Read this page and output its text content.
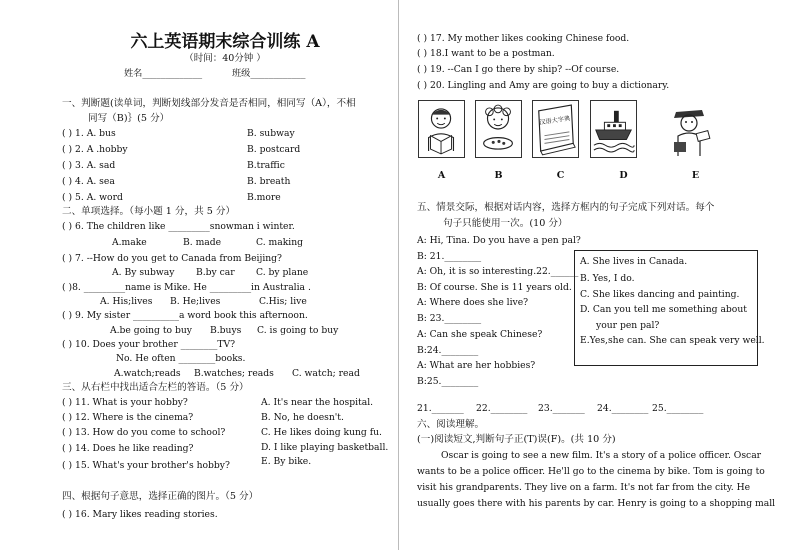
六上英语期末综合训练 A
（时间：40分钟 ）
姓名_____________	班级____________
一、判断题(读单词，判断划线部分发音是否相同，相同写（A），不相
同写（B)｝(5 分）
( ) 1. A. bus	B. subway
( ) 2. A .hobby	B. postcard
( ) 3. A. sad	B.traffic
( ) 4. A. sea	B. breath
( ) 5. A. word	B.more
二、单项选择。（每小题 1 分，共 5 分）
( ) 6. The children like _________snowman i winter.
A.make	B. made	C. making
( ) 7. --How do you get to Canada from Beijing?
A. By subway B.by car C. by plane
( )8. _________name is Mike. He _________in Australia .
A. His;lives B. He;lives	C.His; live
( ) 9. My sister __________a word book this afternoon.
A.be going to buy B.buys C. is going to buy
( ) 10. Does your brother ________TV?
No. He often ________books.
A.watch;reads B.watches; reads C. watch; read
三、从右栏中找出适合左栏的答语。（5 分）
( ) 11. What is your hobby?
( ) 12. Where is the cinema?
( ) 13. How do you come to school?
( ) 14. Does he like reading?
( ) 15. What's your brother's hobby?
A. It's near the hospital.
B. No, he doesn't.
C. He likes doing kung fu.
D. I like playing basketball.
E. By bike.
四、根据句子意思，选择正确的图片。（5 分）
( ) 16. Mary likes reading stories.
( ) 17. My mother likes cooking Chinese food.
( ) 18.I want to be a postman.
( ) 19. --Can I go there by ship? --Of course.
( ) 20. Lingling and Amy are going to buy a dictionary.
汉语大字典
A	B	C	D	E
五、情景交际，根据对话内容，选择方框内的句子完成下列对话。每个
句子只能使用一次。(10 分）
A: Hi, Tina. Do you have a pen pal?
B: 21.________
A: Oh, it is so interesting.22.______
B: Of course. She is 11 years old.
A: Where does she live?
B: 23.________
A: Can she speak Chinese?
B:24.________
A: What are her hobbies?
B:25.________
A. She lives in Canada.
B. Yes, I do.
C. She likes dancing and painting.
D. Can you tell me something about
your pen pal?
E.Yes,she can. She can speak very well.
21._______ 22.________ 23._______ 24.________ 25.________
六、阅读理解。
(一)阅读短文,判断句子正(T)误(F)。(共 10 分)
Oscar is going to see a new film. It's a story of a police officer. Oscar
wants to be a police officer. He'll go to the cinema by bike. Tom is going to
visit his grandparents. They live on a farm. It's not far from the city. He
usually goes there with his parents by car. Henry is going to a shopping mall
